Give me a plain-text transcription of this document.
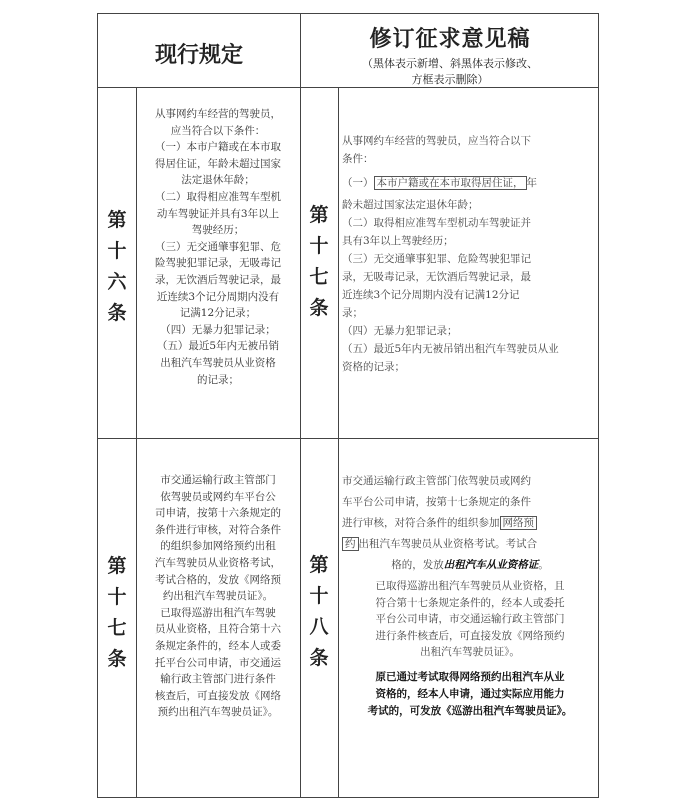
现行规定
修订征求意见稿
（黑体表示新增、斜黑体表示修改、
方框表示删除）
第
十
六
条
从事网约车经营的驾驶员，
应当符合以下条件：
（一）本市户籍或在本市取
得居住证，年龄未超过国家
法定退休年龄；
（二）取得相应准驾车型机
动车驾驶证并具有3年以上
驾驶经历；
（三）无交通肇事犯罪、危
险驾驶犯罪记录，无吸毒记
录，无饮酒后驾驶记录，最
近连续3个记分周期内没有
记满12分记录；
（四）无暴力犯罪记录；
（五）最近5年内无被吊销
出租汽车驾驶员从业资格
的记录；
第
十
七
条
从事网约车经营的驾驶员，应当符合以下
条件：
（一） 本市户籍或在本市取得居住证， 年
龄未超过国家法定退休年龄；
（二）取得相应准驾车型机动车驾驶证并
具有3年以上驾驶经历；
（三）无交通肇事犯罪、危险驾驶犯罪记
录，无吸毒记录，无饮酒后驾驶记录，最
近连续3个记分周期内没有记满12分记
录；
（四）无暴力犯罪记录；
（五）最近5年内无被吊销出租汽车驾驶员从业
资格的记录；
第
十
七
条
市交通运输行政主管部门
依驾驶员或网约车平台公
司申请，按第十六条规定的
条件进行审核，对符合条件
的组织参加网络预约出租
汽车驾驶员从业资格考试，
考试合格的，发放《网络预
约出租汽车驾驶员证》。
已取得巡游出租汽车驾驶
员从业资格，且符合第十六
条规定条件的，经本人或委
托平台公司申请，市交通运
输行政主管部门进行条件
核查后，可直接发放《网络
预约出租汽车驾驶员证》。
第
十
八
条
市交通运输行政主管部门依驾驶员或网约
车平台公司申请，按第十七条规定的条件
进行审核，对符合条件的组织参加 网络预
约 出租汽车驾驶员从业资格考试。考试合
格的，发放出租汽车从业资格证。
已取得巡游出租汽车驾驶员从业资格，且
符合第十七条规定条件的，经本人或委托
平台公司申请，市交通运输行政主管部门
进行条件核查后，可直接发放《网络预约
出租汽车驾驶员证》。
原已通过考试取得网络预约出租汽车从业
资格的，经本人申请，通过实际应用能力
考试的，可发放《巡游出租汽车驾驶员证》。
